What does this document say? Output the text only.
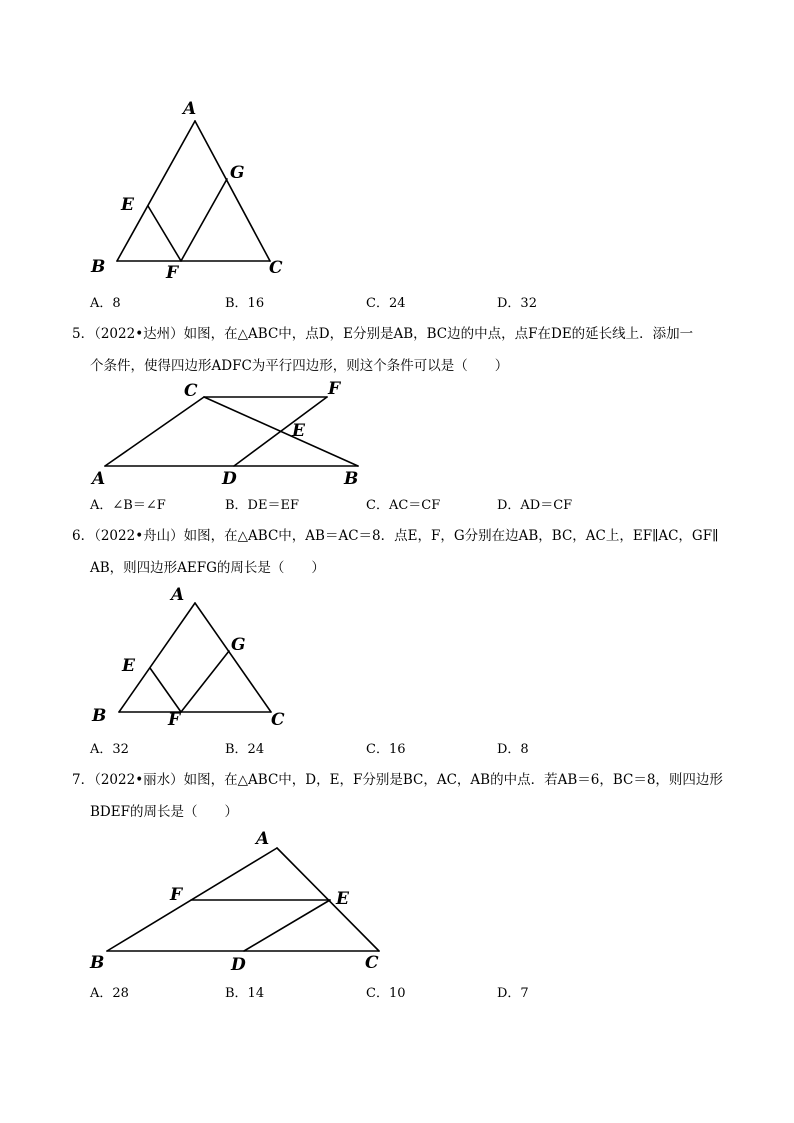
A
B	C
E
F
G
A．8	B．16	C．24	D．32
5．（2022•达州）如图，在△ABC中，点D，E分别是AB，BC边的中点，点F在DE的延长线上．添加一
个条件，使得四边形ADFC为平行四边形，则这个条件可以是（　　）
C	F
E
A	D	B
A．∠B＝∠F	B．DE＝EF	C．AC＝CF	D．AD＝CF
6．（2022•舟山）如图，在△ABC中，AB＝AC＝8．点E，F，G分别在边AB，BC，AC上，EF∥AC，GF∥
AB，则四边形AEFG的周长是（　　）
A
G
E
B	F	C
A．32	B．24	C．16	D．8
7．（2022•丽水）如图，在△ABC中，D，E，F分别是BC，AC，AB的中点．若AB＝6，BC＝8，则四边形
BDEF的周长是（　　）
A
F	E
B	D	C
A．28	B．14	C．10	D．7
